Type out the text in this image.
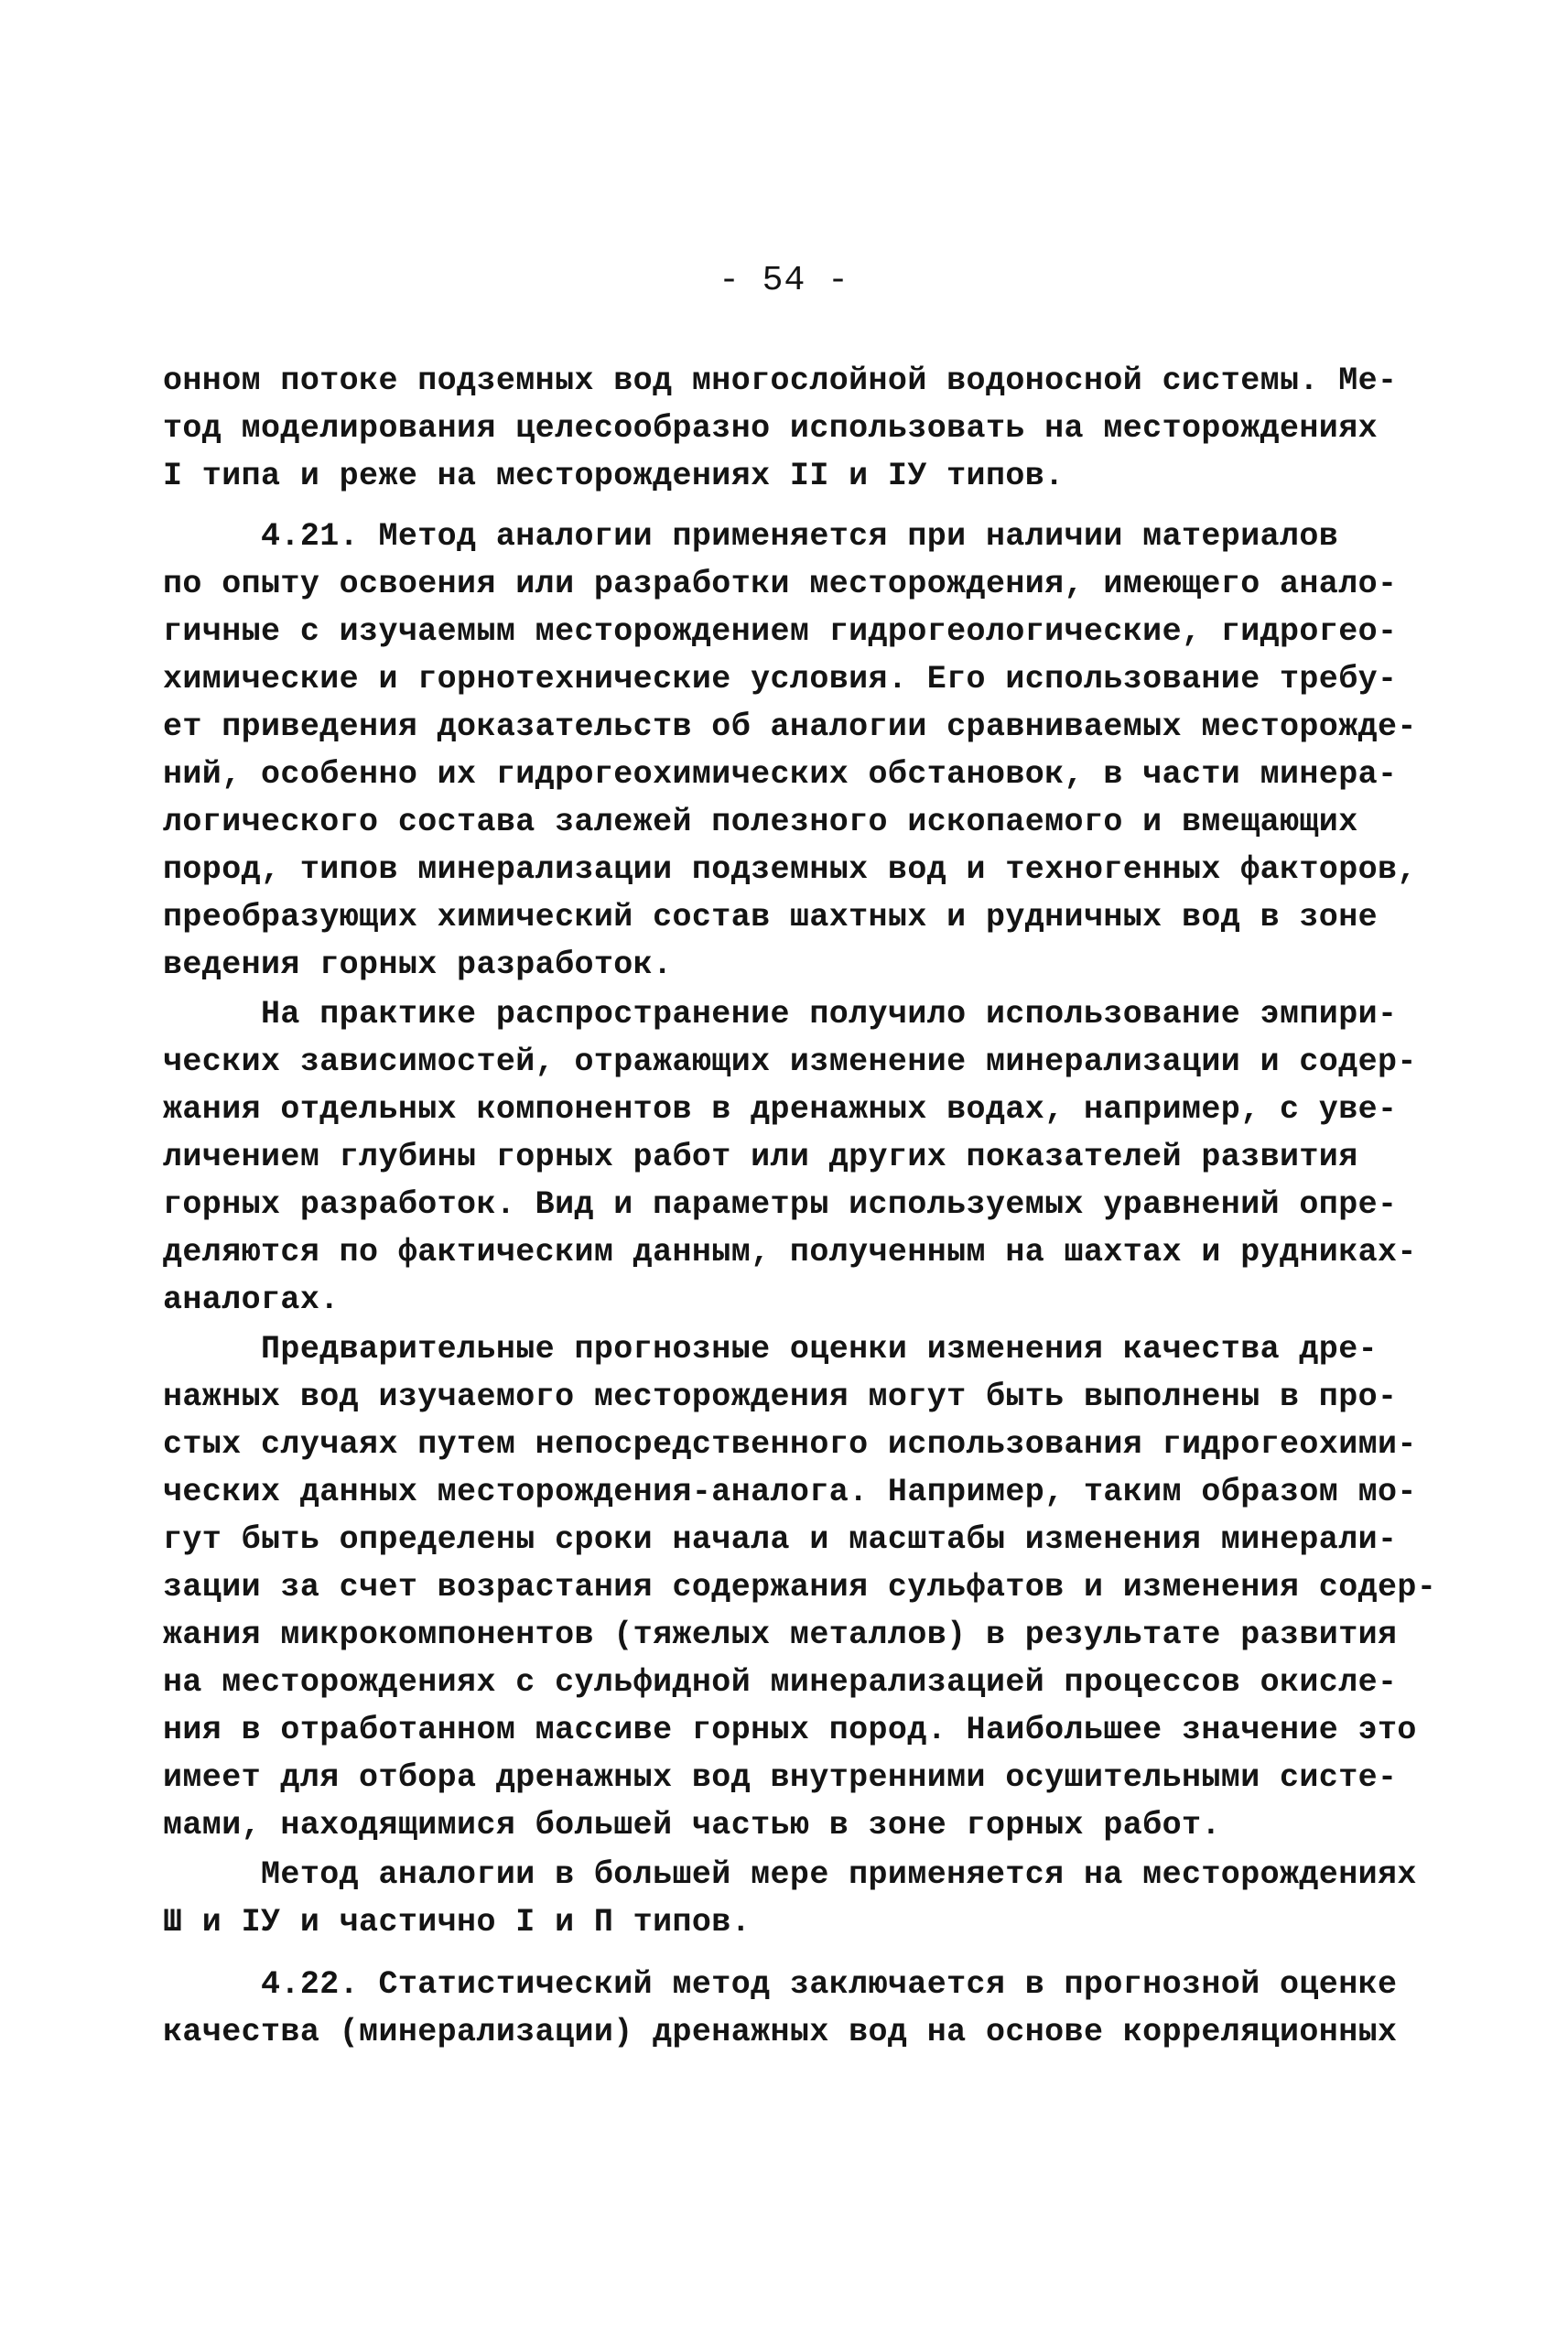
- 54 -
онном потоке подземных вод многослойной водоносной системы. Ме-
тод моделирования целесообразно использовать на месторождениях
I типа и реже на месторождениях II и IУ типов.
4.21. Метод аналогии применяется при наличии материалов
по опыту освоения или разработки месторождения, имеющего анало-
гичные с изучаемым месторождением гидрогеологические, гидрогео-
химические и горнотехнические условия. Его использование требу-
ет приведения доказательств об аналогии сравниваемых месторожде-
ний, особенно их гидрогеохимических обстановок, в части минера-
логического состава залежей полезного ископаемого и вмещающих
пород, типов минерализации подземных вод и техногенных факторов,
преобразующих химический состав шахтных и рудничных вод в зоне
ведения горных разработок.
На практике распространение получило использование эмпири-
ческих зависимостей, отражающих изменение минерализации и содер-
жания отдельных компонентов в дренажных водах, например, с уве-
личением глубины горных работ или других показателей развития
горных разработок. Вид и параметры используемых уравнений опре-
деляются по фактическим данным, полученным на шахтах и рудниках-
аналогах.
Предварительные прогнозные оценки изменения качества дре-
нажных вод изучаемого месторождения могут быть выполнены в про-
стых случаях путем непосредственного использования гидрогеохими-
ческих данных месторождения-аналога. Например, таким образом мо-
гут быть определены сроки начала и масштабы изменения минерали-
зации за счет возрастания содержания сульфатов и изменения содер-
жания микрокомпонентов (тяжелых металлов) в результате развития
на месторождениях с сульфидной минерализацией процессов окисле-
ния в отработанном массиве горных пород. Наибольшее значение это
имеет для отбора дренажных вод внутренними осушительными систе-
мами, находящимися большей частью в зоне горных работ.
Метод аналогии в большей мере применяется на месторождениях
Ш и IУ и частично I и П типов.
4.22. Статистический метод заключается в прогнозной оценке
качества (минерализации) дренажных вод на основе корреляционных
